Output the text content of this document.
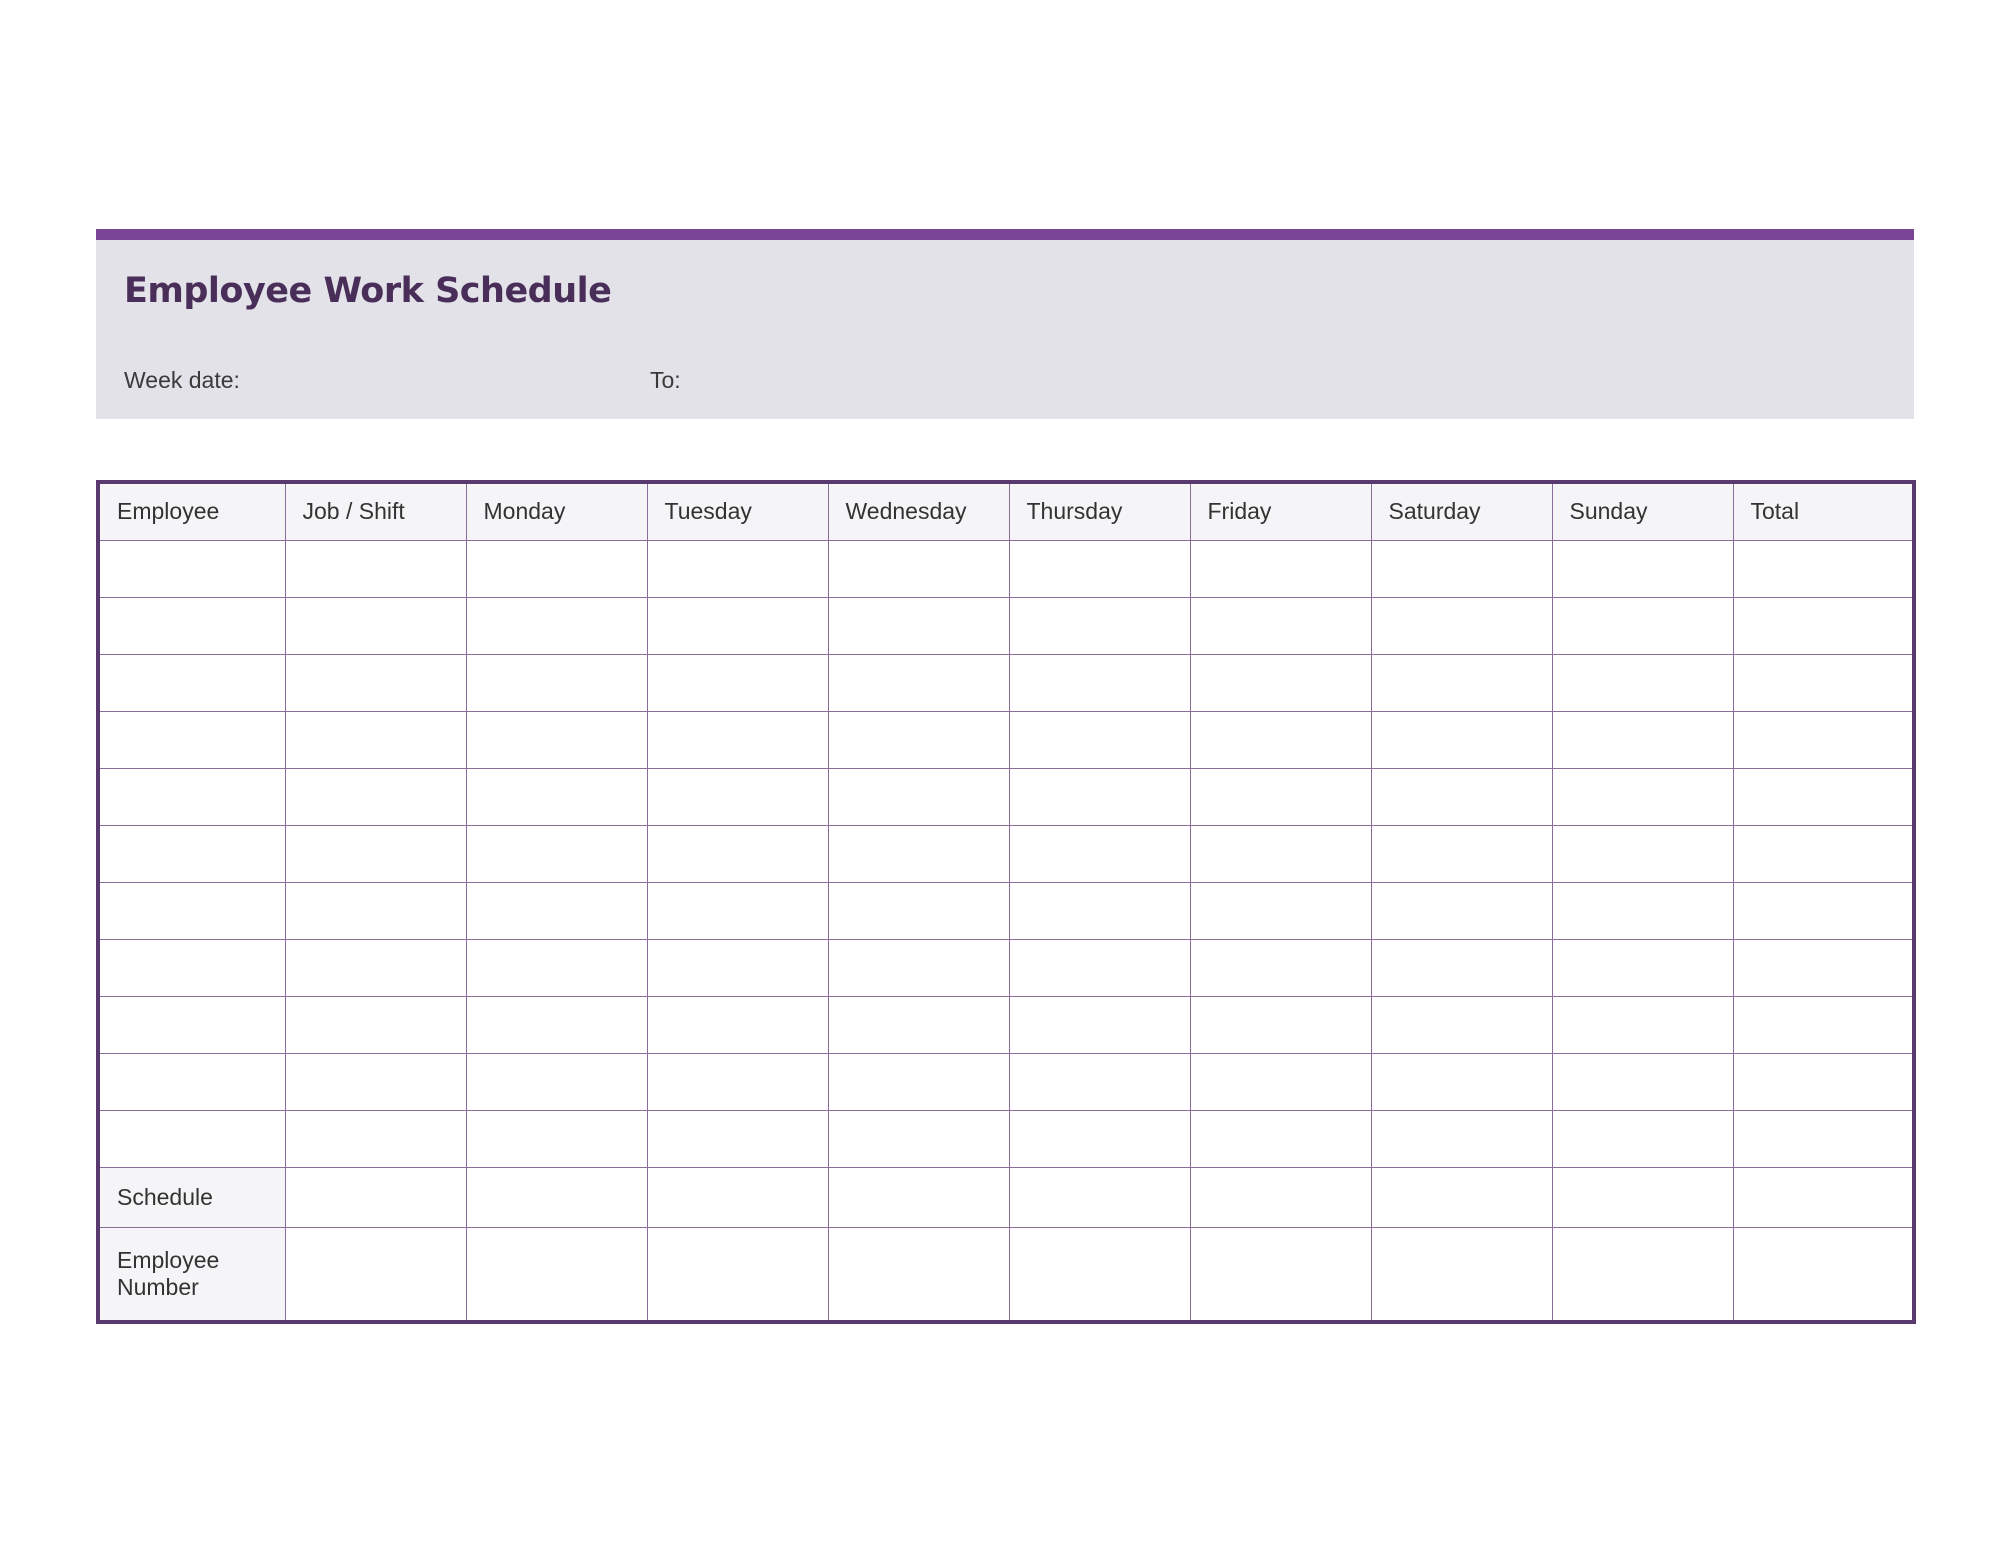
Employee Work Schedule
Week date:	To:
Employee	Job / Shift	Monday	Tuesday	Wednesday	Thursday	Friday	Saturday	Sunday	Total

Schedule									

Employee
Number									
